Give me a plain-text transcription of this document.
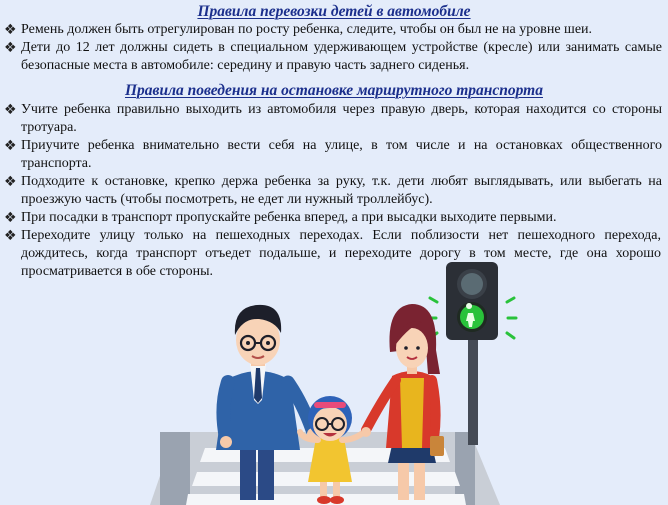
Правила перевозки детей в автомобиле
❖ Ремень должен быть отрегулирован по росту ребенка, следите, чтобы он был не на уровне шеи.
❖ Дети до 12 лет должны сидеть в специальном удерживающем устройстве (кресле) или занимать самые безопасные места в автомобиле: середину и правую часть заднего сиденья.
Правила поведения на остановке маршрутного транспорта
❖ Учите ребенка правильно выходить из автомобиля через правую дверь, которая находится со стороны тротуара.
❖ Приучите ребенка внимательно вести себя на улице, в том числе и на остановках общественного транспорта.
❖ Подходите к остановке, крепко держа ребенка за руку, т.к. дети любят выглядывать, или выбегать на проезжую часть (чтобы посмотреть, не едет ли нужный троллейбус).
❖ При посадки в транспорт пропускайте ребенка вперед, а при высадки выходите первыми.
❖ Переходите улицу только на пешеходных переходах. Если поблизости нет пешеходного перехода, дождитесь, когда транспорт отъедет подальше, и переходите дорогу в том месте, где она хорошо просматривается в обе стороны.
